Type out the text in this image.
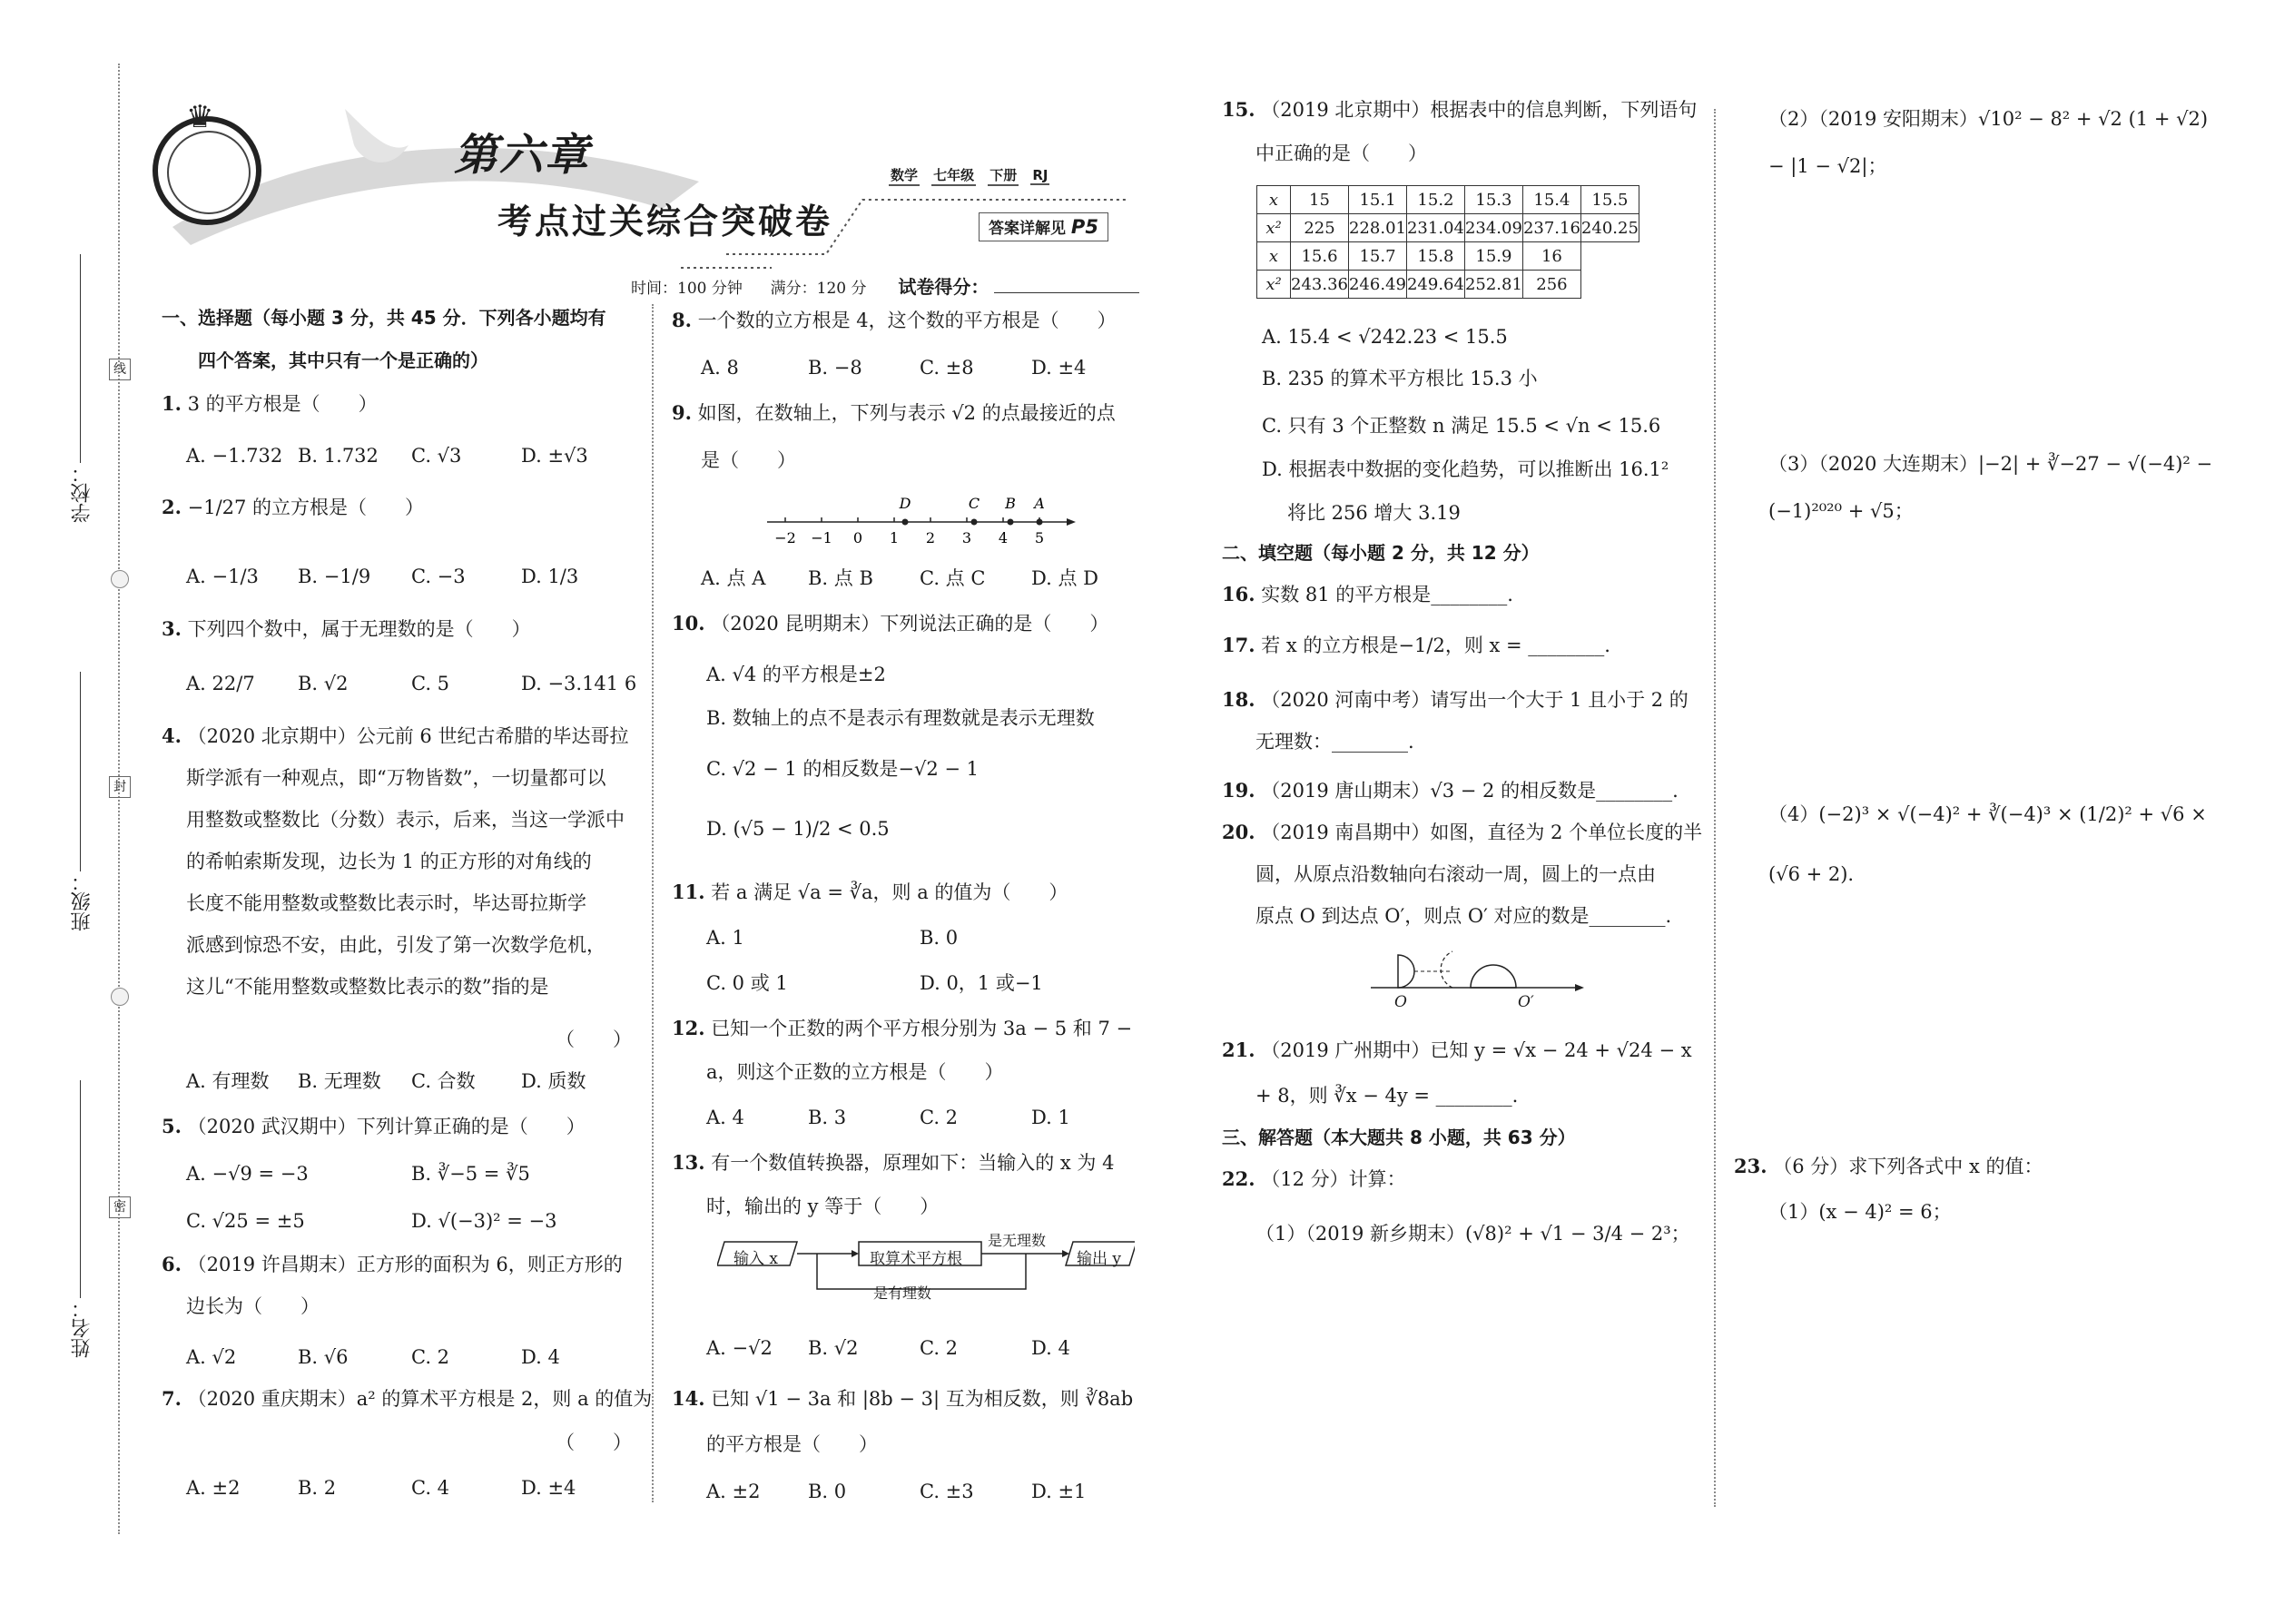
学校：
班级：
姓名：
线
封
密
♛
第六章
考点过关综合突破卷
数学 七年级 下册 RJ
答案详解见 P5
时间：100 分钟 满分：120 分 试卷得分：
一、选择题（每小题 3 分，共 45 分．下列各小题均有
四个答案，其中只有一个是正确的）
1. 3 的平方根是（　　）
A. −1.732 B. 1.732 C. √3	D. ±√3
2. −1/27 的立方根是（　　）
A. −1/3 B. −1/9 C. −3	D. 1/3
3. 下列四个数中，属于无理数的是（　　）
A. 22/7 B. √2	C. 5	D. −3.141 6
4. （2020 北京期中）公元前 6 世纪古希腊的毕达哥拉
斯学派有一种观点，即“万物皆数”，一切量都可以
用整数或整数比（分数）表示，后来，当这一学派中
的希帕索斯发现，边长为 1 的正方形的对角线的
长度不能用整数或整数比表示时，毕达哥拉斯学
派感到惊恐不安，由此，引发了第一次数学危机，
这儿“不能用整数或整数比表示的数”指的是
（　　）
A. 有理数 B. 无理数 C. 合数 D. 质数
5. （2020 武汉期中）下列计算正确的是（　　）
A. −√9 = −3	B. ∛−5 = ∛5
C. √25 = ±5	D. √(−3)² = −3
6. （2019 许昌期末）正方形的面积为 6，则正方形的
边长为（　　）
A. √2	B. √6	C. 2	D. 4
7. （2020 重庆期末）a² 的算术平方根是 2，则 a 的值为
（　　）
A. ±2	B. 2	C. 4	D. ±4
8. 一个数的立方根是 4，这个数的平方根是（　　）
A. 8	B. −8	C. ±8	D. ±4
9. 如图，在数轴上，下列与表示 √2 的点最接近的点
是（　　）
−2 −1 0 1 2 3 4 5
D	C B A
A. 点 A B. 点 B C. 点 C D. 点 D
10. （2020 昆明期末）下列说法正确的是（　　）
A. √4 的平方根是±2
B. 数轴上的点不是表示有理数就是表示无理数
C. √2 − 1 的相反数是−√2 − 1
D. (√5 − 1)/2 < 0.5
11. 若 a 满足 √a = ∛a，则 a 的值为（　　）
A. 1	B. 0
C. 0 或 1	D. 0，1 或−1
12. 已知一个正数的两个平方根分别为 3a − 5 和 7 −
a，则这个正数的立方根是（　　）
A. 4	B. 3	C. 2	D. 1
13. 有一个数值转换器，原理如下：当输入的 x 为 4
时，输出的 y 等于（　　）
输入 x	取算术平方根
是无理数
输出 y
是有理数
A. −√2 B. √2	C. 2	D. 4
14. 已知 √1 − 3a 和 |8b − 3| 互为相反数，则 ∛8ab
的平方根是（　　）
A. ±2	B. 0	C. ±3	D. ±1
15. （2019 北京期中）根据表中的信息判断，下列语句
中正确的是（　　）
x	15	15.1	15.2	15.3	15.4	15.5
x²	225	228.01	231.04	234.09	237.16	240.25
x	15.6	15.7	15.8	15.9	16	
x²	243.36	246.49	249.64	252.81	256	
A. 15.4 < √242.23 < 15.5
B. 235 的算术平方根比 15.3 小
C. 只有 3 个正整数 n 满足 15.5 < √n < 15.6
D. 根据表中数据的变化趋势，可以推断出 16.1²
将比 256 增大 3.19
二、填空题（每小题 2 分，共 12 分）
16. 实数 81 的平方根是________.
17. 若 x 的立方根是−1/2，则 x = ________.
18. （2020 河南中考）请写出一个大于 1 且小于 2 的
无理数：________.
19. （2019 唐山期末）√3 − 2 的相反数是________.
20. （2019 南昌期中）如图，直径为 2 个单位长度的半
圆，从原点沿数轴向右滚动一周，圆上的一点由
原点 O 到达点 O′，则点 O′ 对应的数是________.
O	O′
21. （2019 广州期中）已知 y = √x − 24 + √24 − x
+ 8，则 ∛x − 4y = ________.
三、解答题（本大题共 8 小题，共 63 分）
22. （12 分）计算：
（1）（2019 新乡期末）(√8)² + √1 − 3/4 − 2³；
（2）（2019 安阳期末）√10² − 8² + √2 (1 + √2)
− |1 − √2|；
（3）（2020 大连期末）|−2| + ∛−27 − √(−4)² −
(−1)²⁰²⁰ + √5；
（4）(−2)³ × √(−4)² + ∛(−4)³ × (1/2)² + √6 ×
(√6 + 2).
23. （6 分）求下列各式中 x 的值：
（1）(x − 4)² = 6；
